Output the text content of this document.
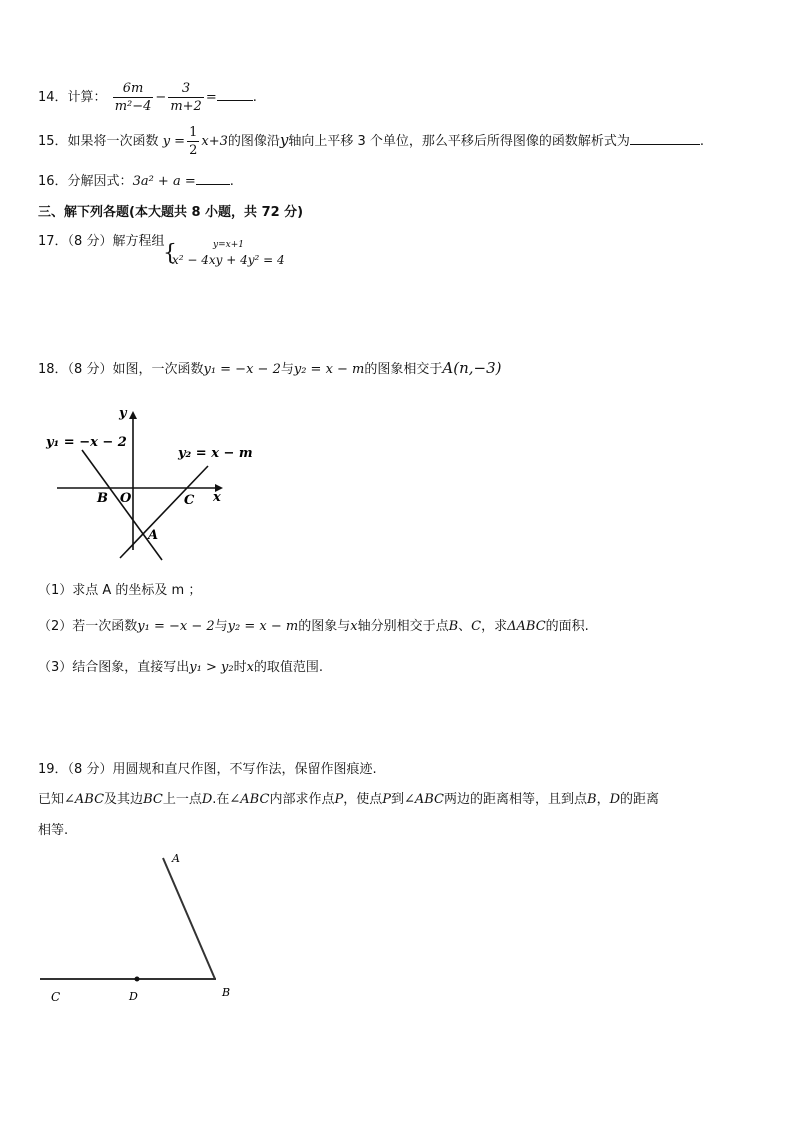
14．计算： $\frac{6m}{\text{m²−4}} - \frac{3}{m+2}$ =	.
15．如果将一次函数 $y = \frac{1}{2} x+3$的图像沿y轴向上平移 3 个单位，那么平移后所得图像的函数解析式为	.
16．分解因式：3a² + a =	.
三、解下列各题(本大题共 8 小题，共 72 分)
17．（8 分）解方程组
{	y=x+1
x² − 4xy + 4y² = 4
18．（8 分）如图，一次函数y₁ = −x − 2与y₂ = x − m的图象相交于A(n,−3)
y
x
y₁ = −x − 2
y₂ = x − m
B O	C
A
（1）求点 A 的坐标及 m ；
（2）若一次函数y₁ = −x − 2与y₂ = x − m的图象与x轴分别相交于点B、C，求ΔABC的面积.
（3）结合图象，直接写出y₁ > y₂时x的取值范围.
19．（8 分）用圆规和直尺作图，不写作法，保留作图痕迹.
已知∠ABC及其边BC上一点D.在∠ABC内部求作点P，使点P到∠ABC两边的距离相等，且到点B，D的距离
相等.
A
C	D	B
